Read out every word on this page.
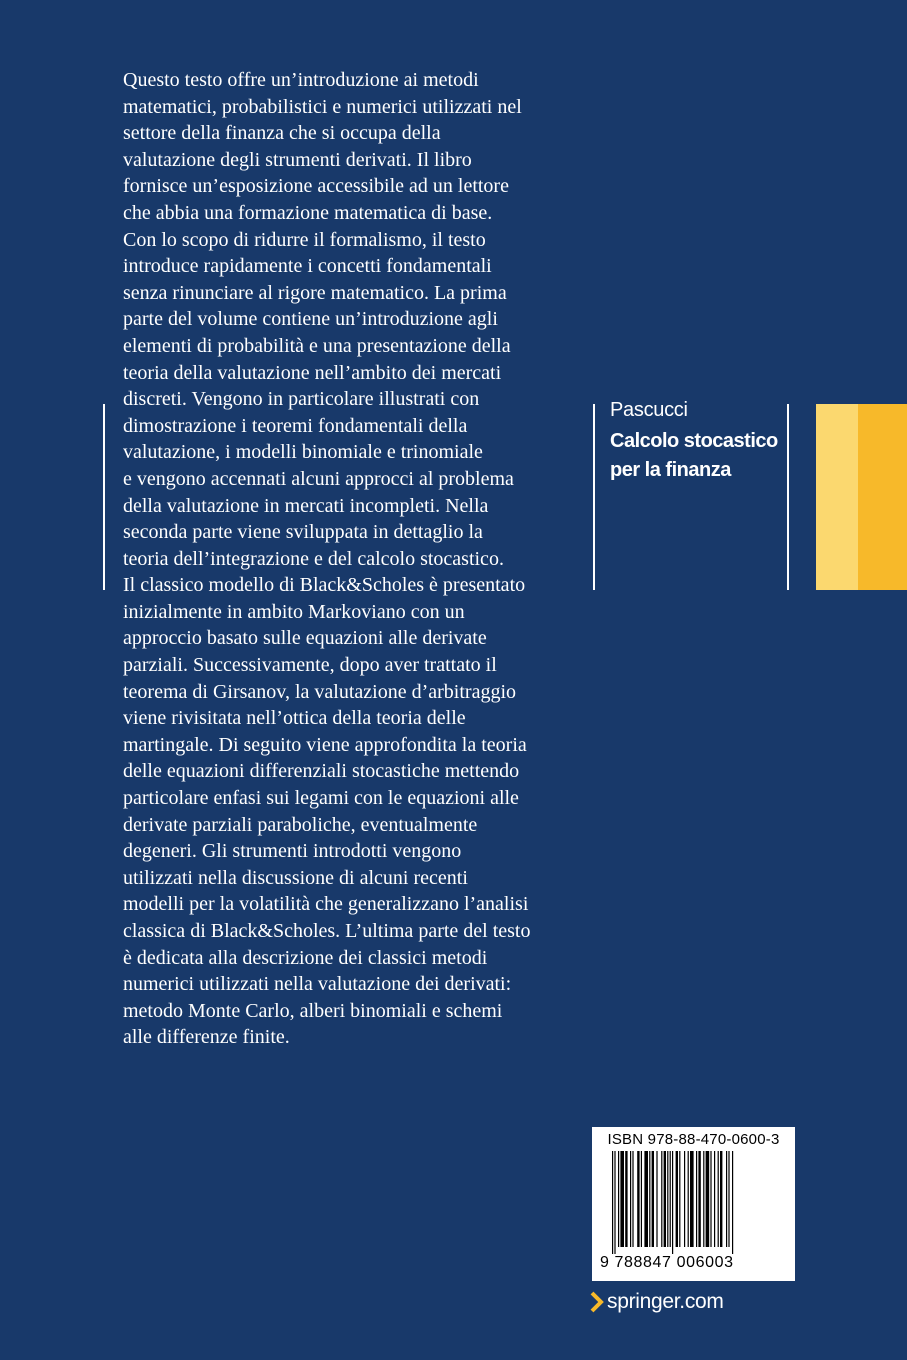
Questo testo offre un’introduzione ai metodi
matematici, probabilistici e numerici utilizzati nel
settore della finanza che si occupa della
valutazione degli strumenti derivati. Il libro
fornisce un’esposizione accessibile ad un lettore
che abbia una formazione matematica di base.
Con lo scopo di ridurre il formalismo, il testo
introduce rapidamente i concetti fondamentali
senza rinunciare al rigore matematico. La prima
parte del volume contiene un’introduzione agli
elementi di probabilità e una presentazione della
teoria della valutazione nell’ambito dei mercati
discreti. Vengono in particolare illustrati con
dimostrazione i teoremi fondamentali della
valutazione, i modelli binomiale e trinomiale
e vengono accennati alcuni approcci al problema
della valutazione in mercati incompleti. Nella
seconda parte viene sviluppata in dettaglio la
teoria dell’integrazione e del calcolo stocastico.
Il classico modello di Black&Scholes è presentato
inizialmente in ambito Markoviano con un
approccio basato sulle equazioni alle derivate
parziali. Successivamente, dopo aver trattato il
teorema di Girsanov, la valutazione d’arbitraggio
viene rivisitata nell’ottica della teoria delle
martingale. Di seguito viene approfondita la teoria
delle equazioni differenziali stocastiche mettendo
particolare enfasi sui legami con le equazioni alle
derivate parziali paraboliche, eventualmente
degeneri. Gli strumenti introdotti vengono
utilizzati nella discussione di alcuni recenti
modelli per la volatilità che generalizzano l’analisi
classica di Black&Scholes. L’ultima parte del testo
è dedicata alla descrizione dei classici metodi
numerici utilizzati nella valutazione dei derivati:
metodo Monte Carlo, alberi binomiali e schemi
alle differenze finite.
Pascucci
Calcolo stocastico
per la finanza
ISBN 978-88-470-0600-3
9 788847 006003
springer.com
